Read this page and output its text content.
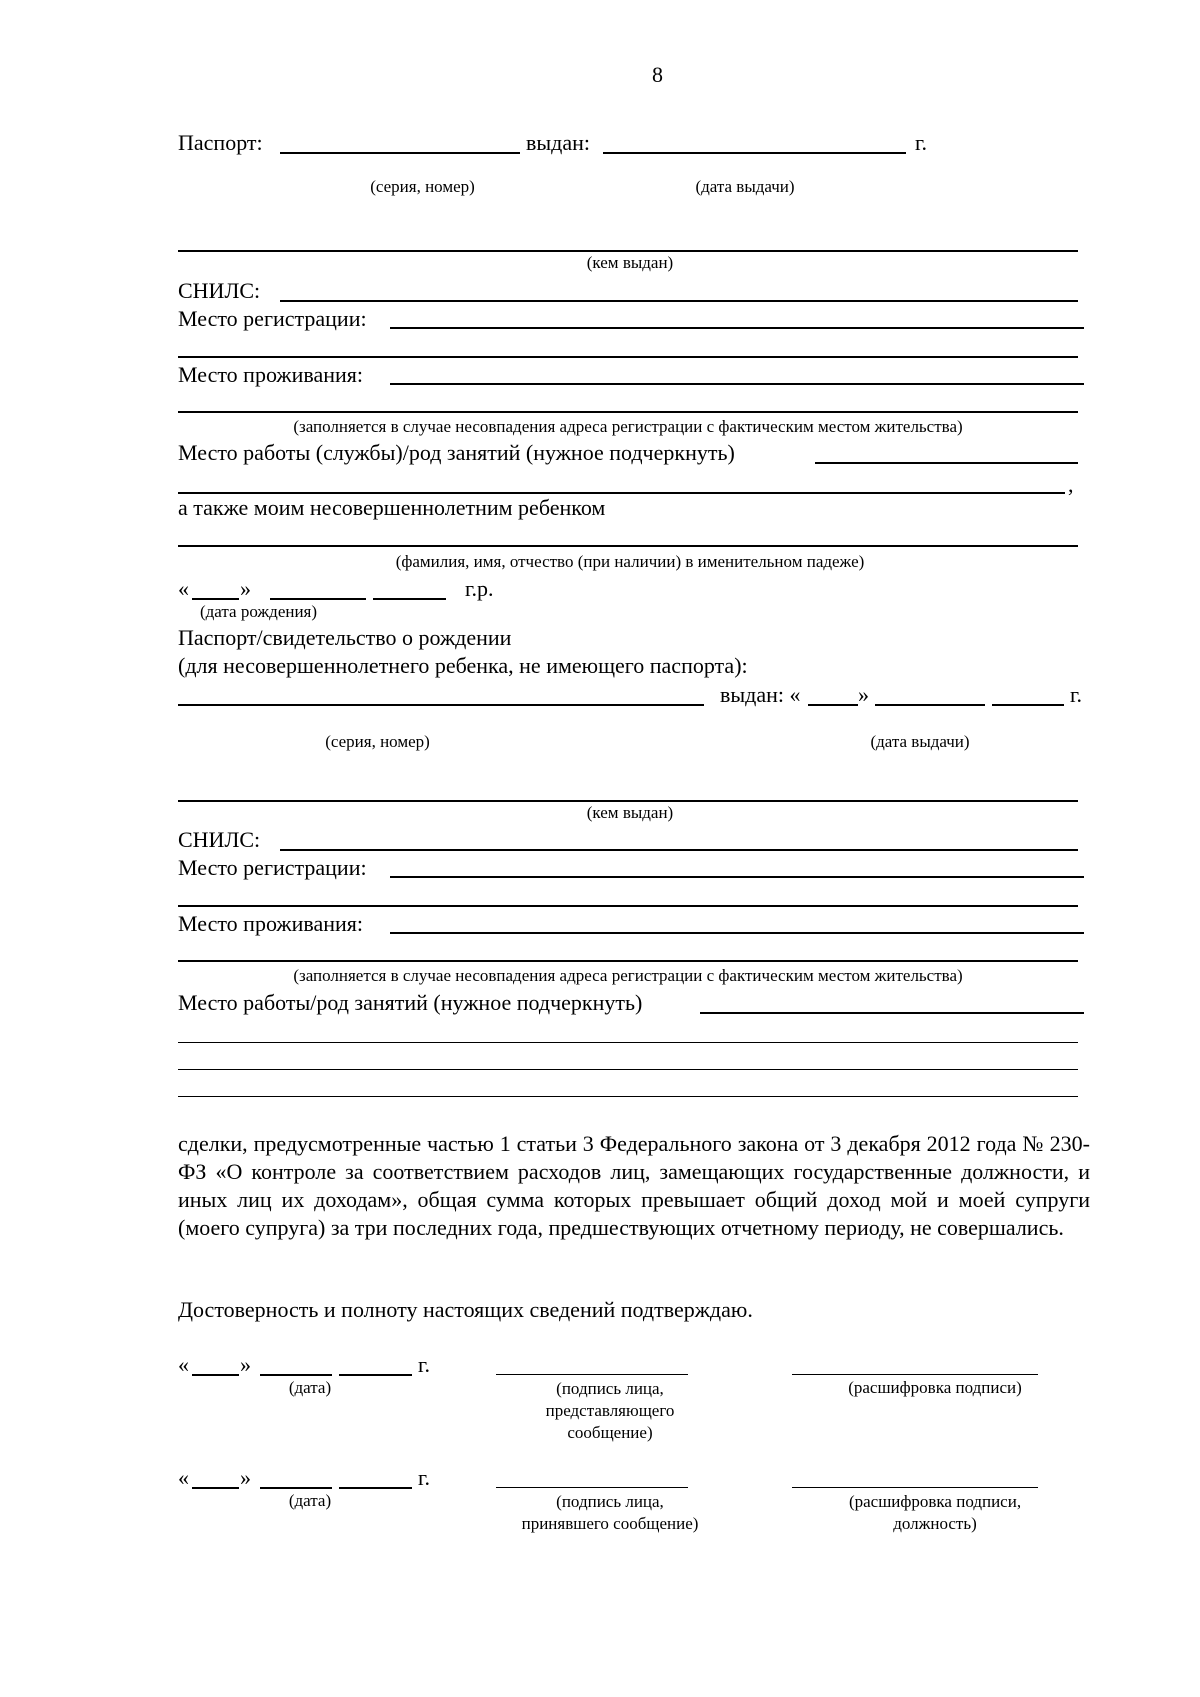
8
Паспорт:	выдан:	г.
(серия, номер)	(дата выдачи)
(кем выдан)
СНИЛС:
Место регистрации:
Место проживания:
(заполняется в случае несовпадения адреса регистрации с фактическим местом жительства)
Место работы (службы)/род занятий (нужное подчеркнуть)
,
а также моим несовершеннолетним ребенком
(фамилия, имя, отчество (при наличии) в именительном падеже)
« »	г.р.
(дата рождения)
Паспорт/свидетельство о рождении
(для несовершеннолетнего ребенка, не имеющего паспорта):
выдан: «	»	г.
(серия, номер)	(дата выдачи)
(кем выдан)
СНИЛС:
Место регистрации:
Место проживания:
(заполняется в случае несовпадения адреса регистрации с фактическим местом жительства)
Место работы/род занятий (нужное подчеркнуть)
сделки, предусмотренные частью 1 статьи 3 Федерального закона от 3 декабря 2012 года № 230-ФЗ «О контроле за соответствием расходов лиц, замещающих государственные должности, и иных лиц их доходам», общая сумма которых превышает общий доход мой и моей супруги (моего супруга) за три последних года, предшествующих отчетному периоду, не совершались.
Достоверность и полноту настоящих сведений подтверждаю.
« »	г.
(дата)	(подпись лица,
представляющего
сообщение)
(расшифровка подписи)
« »	г.
(дата)	(подпись лица,
принявшего сообщение)
(расшифровка подписи,
должность)
